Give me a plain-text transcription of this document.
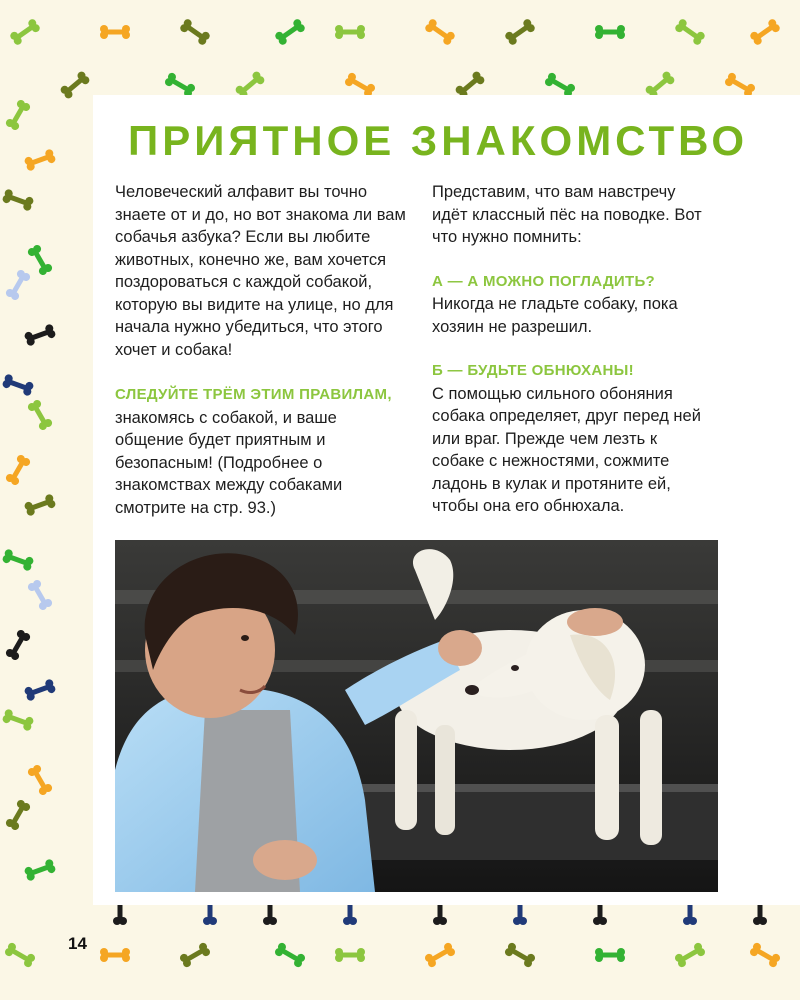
ПРИЯТНОЕ ЗНАКОМСТВО

Человеческий алфавит вы точно знаете от и до, но вот знакома ли вам собачья азбука? Если вы любите животных, конечно же, вам хочется поздороваться с каждой собакой, которую вы видите на улице, но для начала нужно убедиться, что этого хочет и собака!

СЛЕДУЙТЕ ТРЁМ ЭТИМ ПРАВИЛАМ, знакомясь с собакой, и ваше общение будет приятным и безопасным! (Подробнее о знакомствах между собаками смотрите на стр. 93.)

Представим, что вам навстречу идёт классный пёс на поводке. Вот что нужно помнить:

А — А МОЖНО ПОГЛАДИТЬ?

Никогда не гладьте собаку, пока хозяин не разрешил.

Б — БУДЬТЕ ОБНЮХАНЫ!

С помощью сильного обоняния собака определяет, друг перед ней или враг. Прежде чем лезть к собаке с нежностями, сожмите ладонь в кулак и протяните ей, чтобы она его обнюхала.

14
